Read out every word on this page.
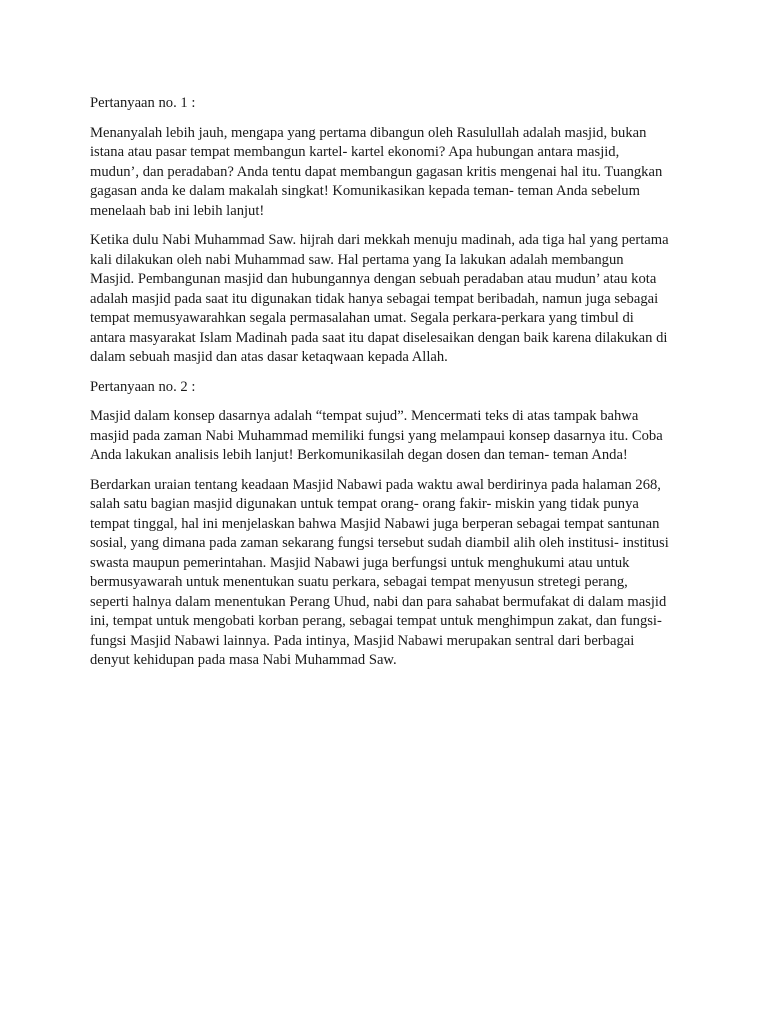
Pertanyaan no. 1 :

Menanyalah lebih jauh, mengapa yang pertama dibangun oleh Rasulullah adalah masjid, bukan istana atau pasar tempat membangun kartel- kartel ekonomi? Apa hubungan antara masjid, mudun’, dan peradaban? Anda tentu dapat membangun gagasan kritis mengenai hal itu. Tuangkan gagasan anda ke dalam makalah singkat! Komunikasikan kepada teman- teman Anda sebelum menelaah bab ini lebih lanjut!

Ketika dulu Nabi Muhammad Saw. hijrah dari mekkah menuju madinah, ada tiga hal yang pertama kali dilakukan oleh nabi Muhammad saw. Hal pertama yang Ia lakukan adalah membangun Masjid. Pembangunan masjid dan hubungannya dengan sebuah peradaban atau mudun’ atau kota adalah masjid pada saat itu digunakan tidak hanya sebagai tempat beribadah, namun juga sebagai tempat memusyawarahkan segala permasalahan umat. Segala perkara-perkara yang timbul di antara masyarakat Islam Madinah pada saat itu dapat diselesaikan dengan baik karena dilakukan di dalam sebuah masjid dan atas dasar ketaqwaan kepada Allah.

Pertanyaan no. 2 :

Masjid dalam konsep dasarnya adalah “tempat sujud”. Mencermati teks di atas tampak bahwa masjid pada zaman Nabi Muhammad memiliki fungsi yang melampaui konsep dasarnya itu. Coba Anda lakukan analisis lebih lanjut! Berkomunikasilah degan dosen dan teman- teman Anda!

Berdarkan uraian tentang keadaan Masjid Nabawi pada waktu awal berdirinya pada halaman 268, salah satu bagian masjid digunakan untuk tempat orang- orang fakir- miskin yang tidak punya tempat tinggal, hal ini menjelaskan bahwa Masjid Nabawi juga berperan sebagai tempat santunan sosial, yang dimana pada zaman sekarang fungsi tersebut sudah diambil alih oleh institusi- institusi swasta maupun pemerintahan. Masjid Nabawi juga berfungsi untuk menghukumi atau untuk bermusyawarah untuk menentukan suatu perkara, sebagai tempat menyusun stretegi perang, seperti halnya dalam menentukan Perang Uhud, nabi dan para sahabat bermufakat di dalam masjid ini, tempat untuk mengobati korban perang, sebagai tempat untuk menghimpun zakat, dan fungsi- fungsi Masjid Nabawi lainnya. Pada intinya, Masjid Nabawi merupakan sentral dari berbagai denyut kehidupan pada masa Nabi Muhammad Saw.
